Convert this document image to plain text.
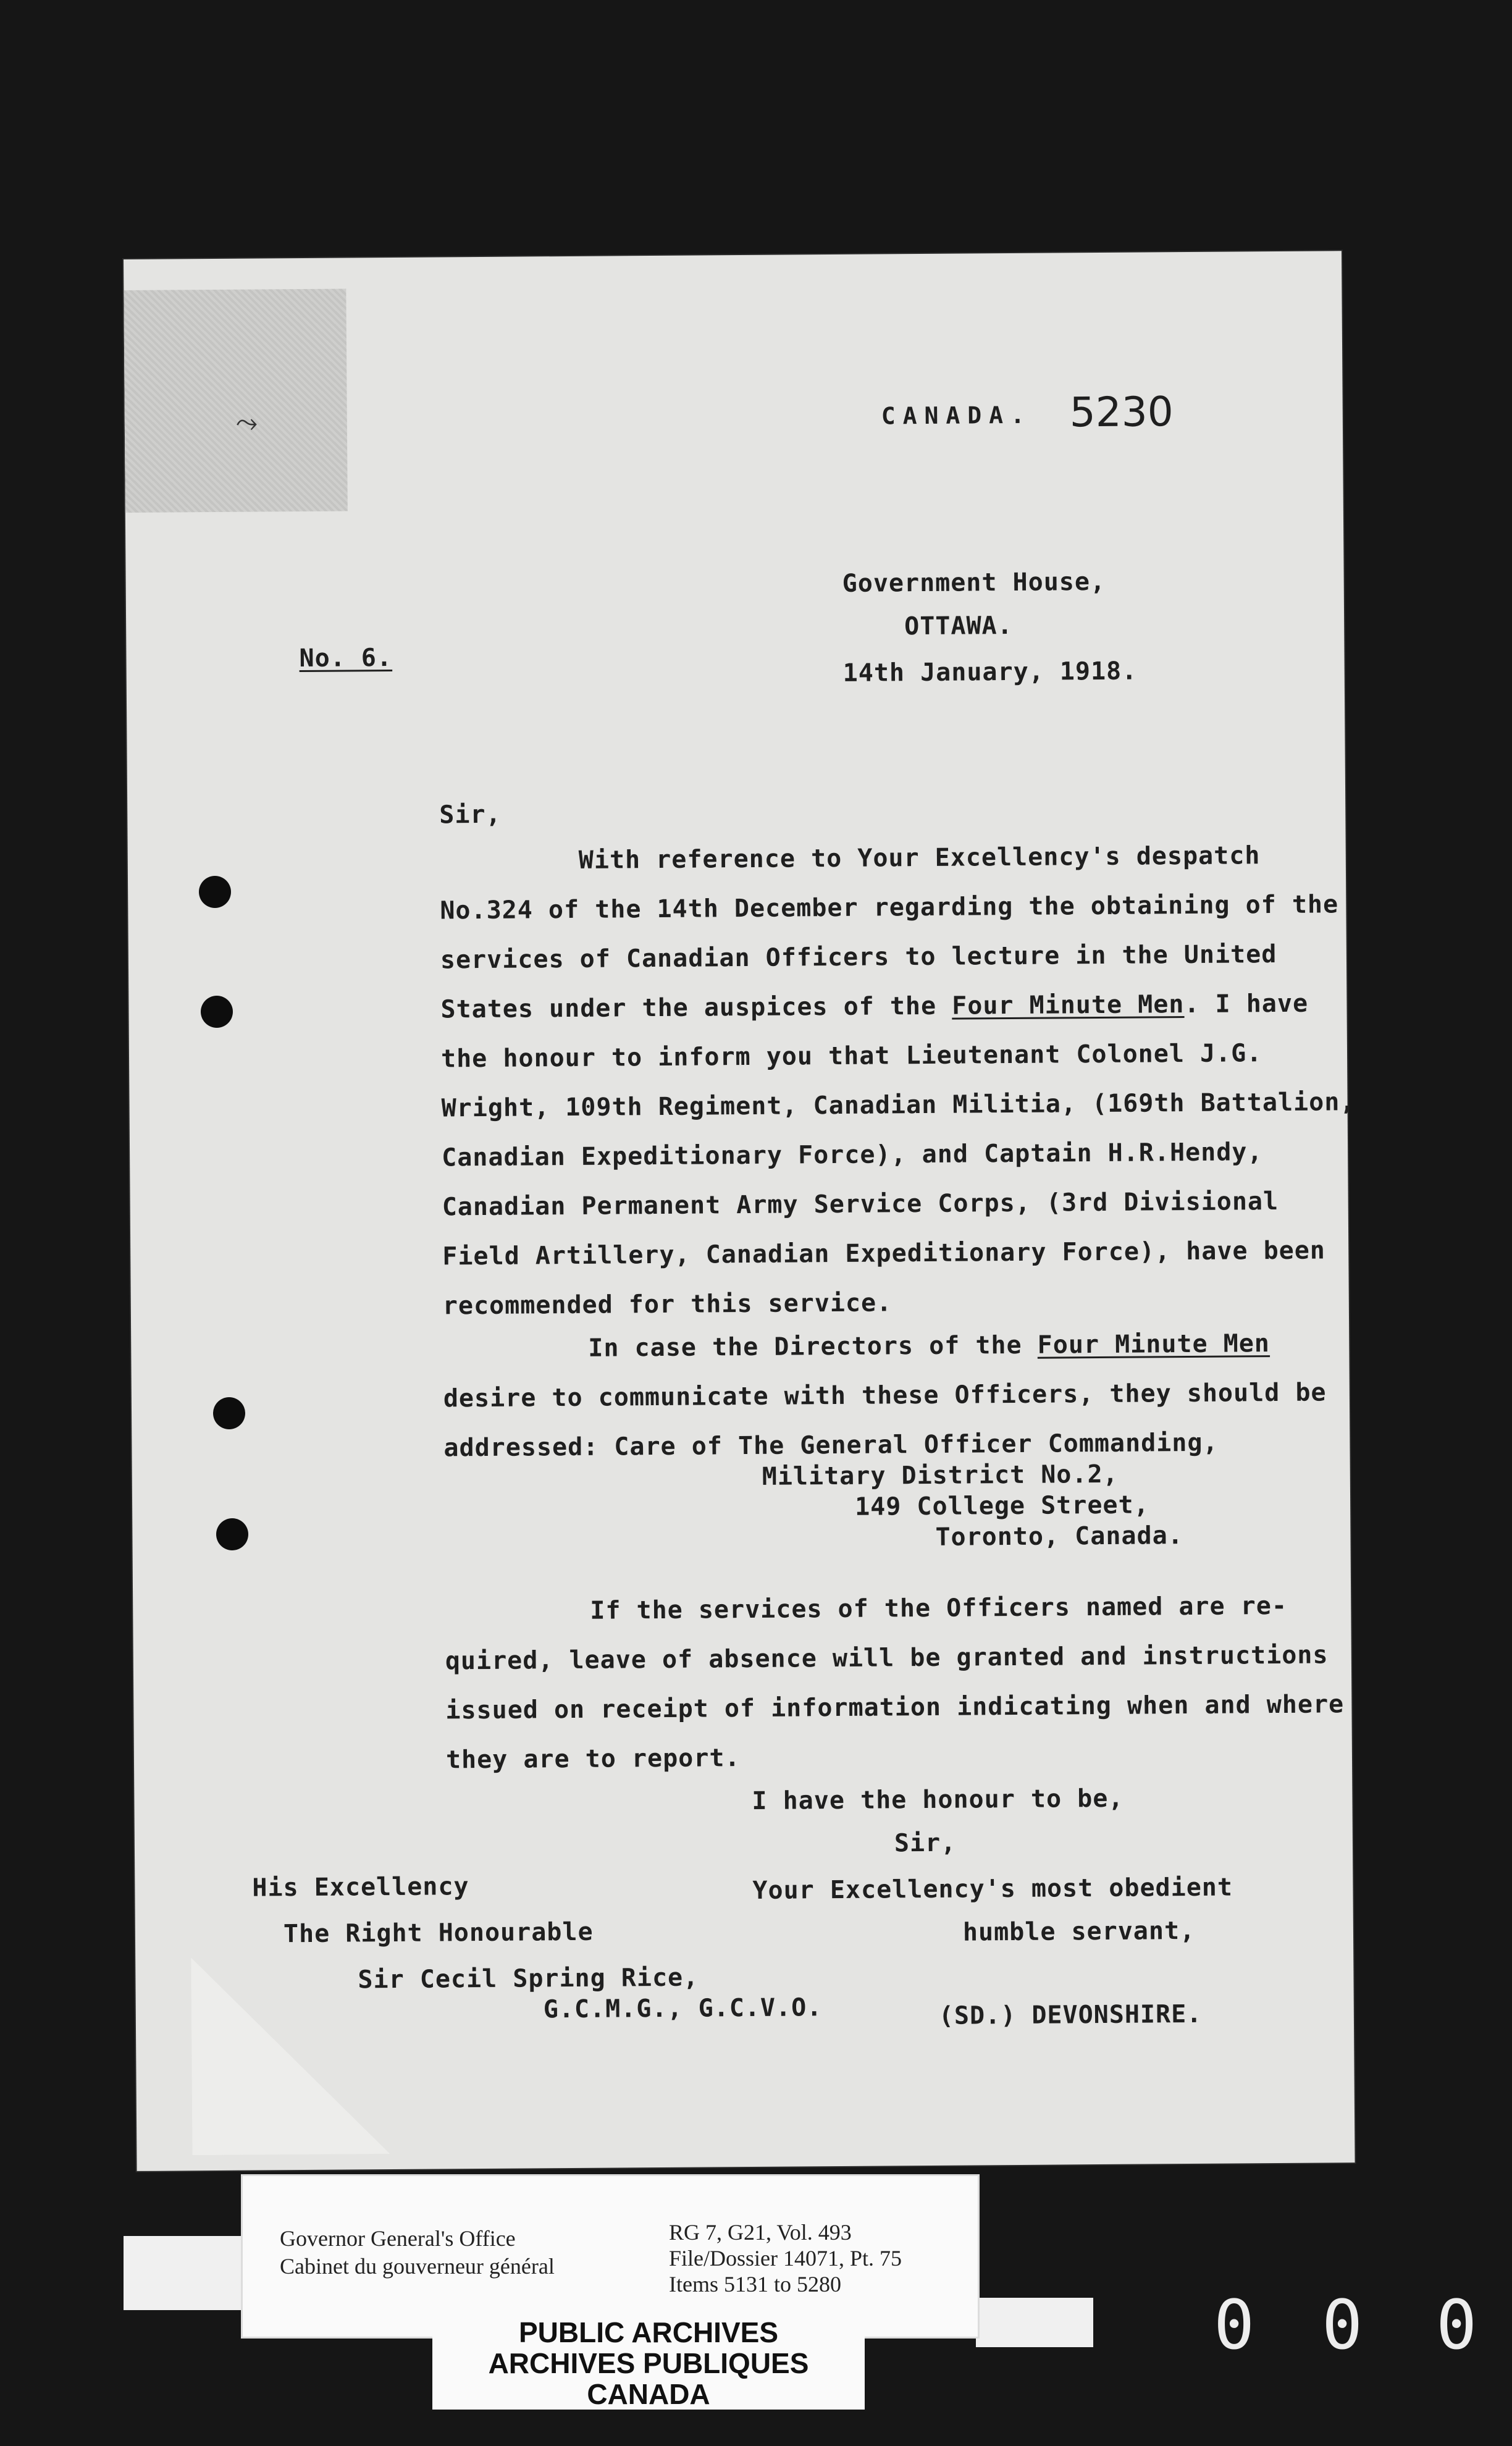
⤳	CANADA. 5230
Government House,
OTTAWA.
14th January, 1918.
No. 6.
Sir,
With reference to Your Excellency's despatch
No.324 of the 14th December regarding the obtaining of the
services of Canadian Officers to lecture in the United
States under the auspices of the Four Minute Men. I have
the honour to inform you that Lieutenant Colonel J.G.
Wright, 109th Regiment, Canadian Militia, (169th Battalion,
Canadian Expeditionary Force), and Captain H.R.Hendy,
Canadian Permanent Army Service Corps, (3rd Divisional
Field Artillery, Canadian Expeditionary Force), have been
recommended for this service.
In case the Directors of the Four Minute Men
desire to communicate with these Officers, they should be
addressed: Care of The General Officer Commanding,
Military District No.2,
149 College Street,
Toronto, Canada.
If the services of the Officers named are re-
quired, leave of absence will be granted and instructions
issued on receipt of information indicating when and where
they are to report.
I have the honour to be,
Sir,
Your Excellency's most obedient
humble servant,
His Excellency
The Right Honourable
Sir Cecil Spring Rice,
G.C.M.G., G.C.V.O.	(SD.) DEVONSHIRE.
Governor General's Office
Cabinet du gouverneur général
RG 7, G21, Vol. 493
File/Dossier 14071, Pt. 75
Items 5131 to 5280
PUBLIC ARCHIVES
ARCHIVES PUBLIQUES
CANADA
0 0 0
